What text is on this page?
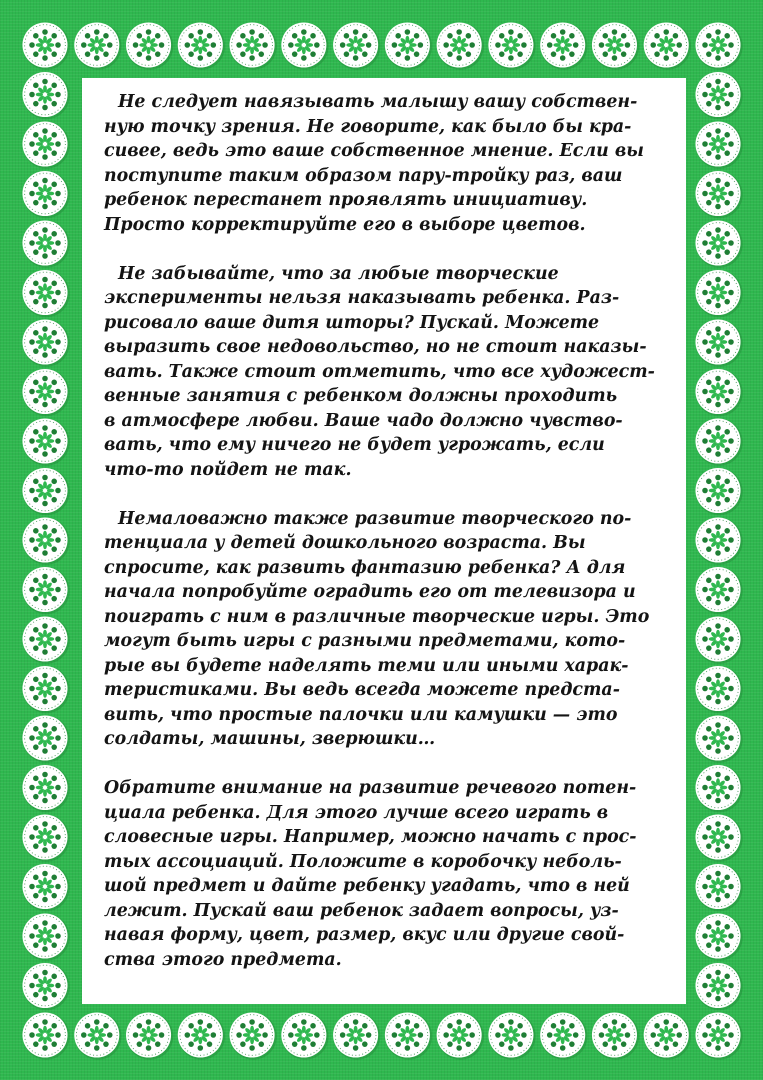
Не следует навязывать малышу вашу собствен-
ную точку зрения. Не говорите, как было бы кра-
сивее, ведь это ваше собственное мнение. Если вы
поступите таким образом пару-тройку раз, ваш
ребенок перестанет проявлять инициативу.
Просто корректируйте его в выборе цветов.

Не забывайте, что за любые творческие
эксперименты нельзя наказывать ребенка. Раз-
рисовало ваше дитя шторы? Пускай. Можете
выразить свое недовольство, но не стоит наказы-
вать. Также стоит отметить, что все художест-
венные занятия с ребенком должны проходить
в атмосфере любви. Ваше чадо должно чувство-
вать, что ему ничего не будет угрожать, если
что-то пойдет не так.

Немаловажно также развитие творческого по-
тенциала у детей дошкольного возраста. Вы
спросите, как развить фантазию ребенка? А для
начала попробуйте оградить его от телевизора и
поиграть с ним в различные творческие игры. Это
могут быть игры с разными предметами, кото-
рые вы будете наделять теми или иными харак-
теристиками. Вы ведь всегда можете предста-
вить, что простые палочки или камушки — это
солдаты, машины, зверюшки…

Обратите внимание на развитие речевого потен-
циала ребенка. Для этого лучше всего играть в
словесные игры. Например, можно начать с прос-
тых ассоциаций. Положите в коробочку неболь-
шой предмет и дайте ребенку угадать, что в ней
лежит. Пускай ваш ребенок задает вопросы, уз-
навая форму, цвет, размер, вкус или другие свой-
ства этого предмета.
